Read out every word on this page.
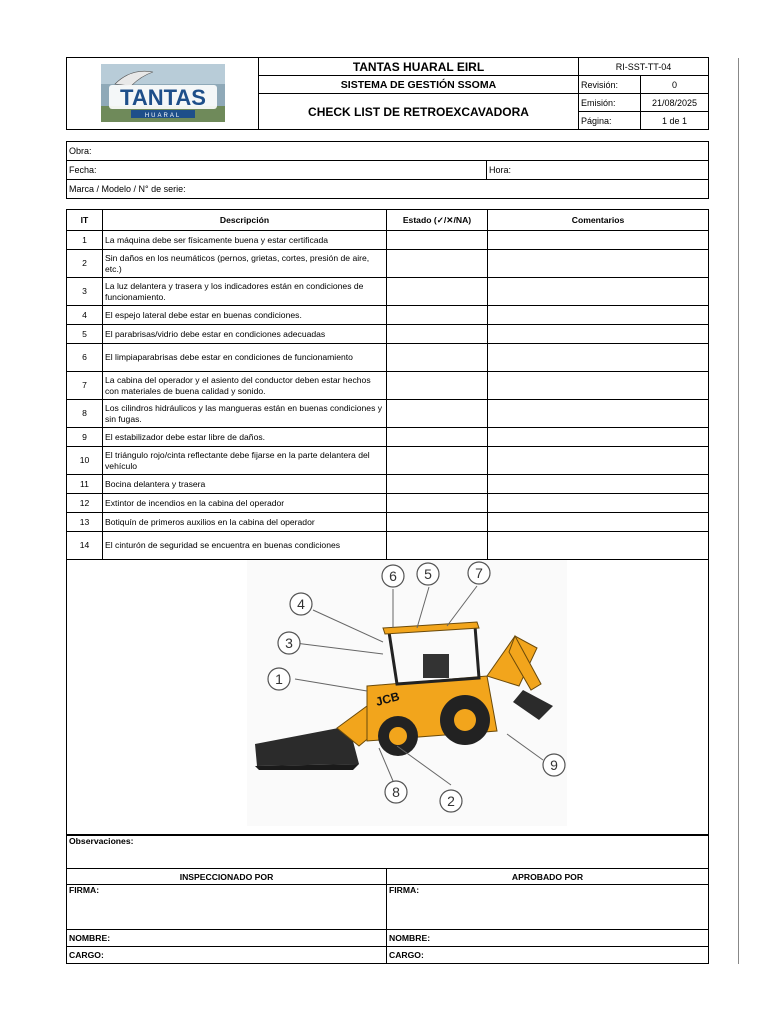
TANTAS
HUARAL	TANTAS HUARAL EIRL	RI-SST-TT-04	
	SISTEMA DE GESTIÓN SSOMA	Revisión:	0
	CHECK LIST DE RETROEXCAVADORA	Emisión:	21/08/2025
		Página:	1 de 1
Obra:
Fecha:	Hora:
Marca / Modelo / N° de serie:
IT	Descripción	Estado (✓/✕/NA)	Comentarios
1	La máquina debe ser físicamente buena y estar certificada		
2	Sin daños en los neumáticos (pernos, grietas, cortes, presión de aire, etc.)		
3	La luz delantera y trasera y los indicadores están en condiciones de funcionamiento.		
4	El espejo lateral debe estar en buenas condiciones.		
5	El parabrisas/vidrio debe estar en condiciones adecuadas		
6	El limpiaparabrisas debe estar en condiciones de funcionamiento		
7	La cabina del operador y el asiento del conductor deben estar hechos con materiales de buena calidad y sonido.		
8	Los cilindros hidráulicos y las mangueras están en buenas condiciones y sin fugas.		
9	El estabilizador debe estar libre de daños.		
10	El triángulo rojo/cinta reflectante debe fijarse en la parte delantera del vehículo		
11	Bocina delantera y trasera		
12	Extintor de incendios en la cabina del operador		
13	Botiquín de primeros auxilios en la cabina del operador		
14	El cinturón de seguridad se encuentra en buenas condiciones		
JCB
1
2
3
4
5
6	7
8
9
Observaciones:	
INSPECCIONADO POR	APROBADO POR
FIRMA:	FIRMA:
NOMBRE:	NOMBRE:
CARGO:	CARGO:
